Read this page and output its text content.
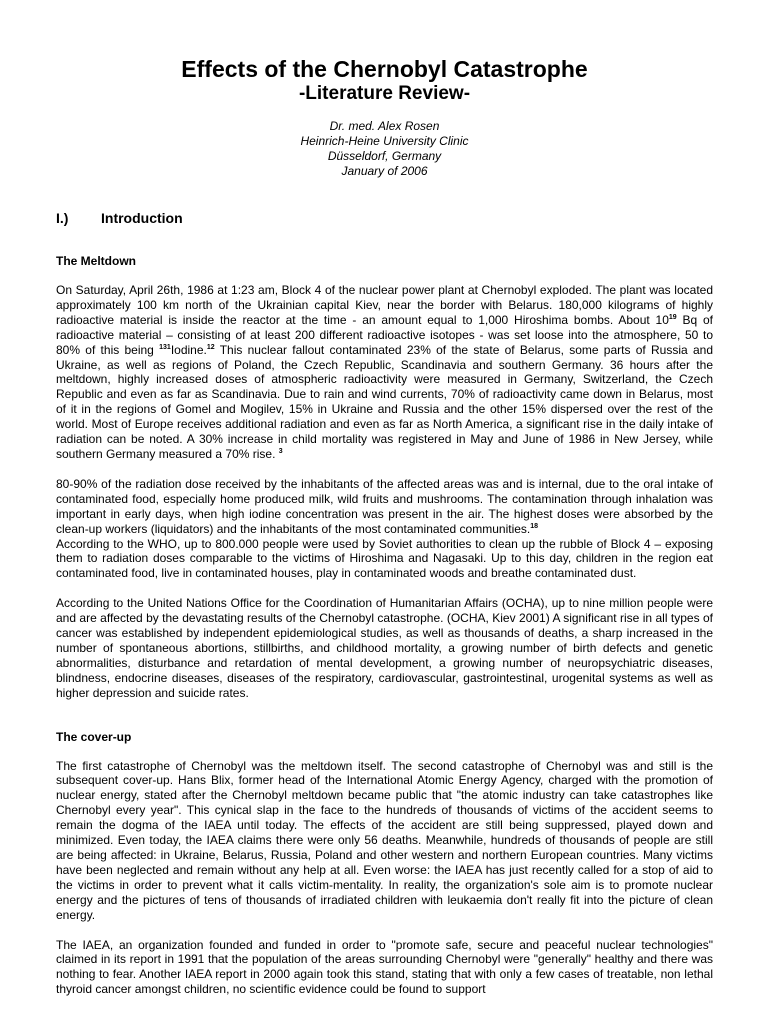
Effects of the Chernobyl Catastrophe
-Literature Review-
Dr. med. Alex Rosen
Heinrich-Heine University Clinic
Düsseldorf, Germany
January of 2006
I.)	Introduction
The Meltdown

On Saturday, April 26th, 1986 at 1:23 am, Block 4 of the nuclear power plant at Chernobyl exploded. The plant was located approximately 100 km north of the Ukrainian capital Kiev, near the border with Belarus. 180,000 kilograms of highly radioactive material is inside the reactor at the time - an amount equal to 1,000 Hiroshima bombs. About $10^{19}$ Bq of radioactive material – consisting of at least 200 different radioactive isotopes - was set loose into the atmosphere, 50 to 80% of this being $^{131}$Iodine.$^{12}$ This nuclear fallout contaminated 23% of the state of Belarus, some parts of Russia and Ukraine, as well as regions of Poland, the Czech Republic, Scandinavia and southern Germany. 36 hours after the meltdown, highly increased doses of atmospheric radioactivity were measured in Germany, Switzerland, the Czech Republic and even as far as Scandinavia. Due to rain and wind currents, 70% of radioactivity came down in Belarus, most of it in the regions of Gomel and Mogilev, 15% in Ukraine and Russia and the other 15% dispersed over the rest of the world. Most of Europe receives additional radiation and even as far as North America, a significant rise in the daily intake of radiation can be noted. A 30% increase in child mortality was registered in May and June of 1986 in New Jersey, while southern Germany measured a 70% rise. $^3$

80-90% of the radiation dose received by the inhabitants of the affected areas was and is internal, due to the oral intake of contaminated food, especially home produced milk, wild fruits and mushrooms. The contamination through inhalation was important in early days, when high iodine concentration was present in the air. The highest doses were absorbed by the clean-up workers (liquidators) and the inhabitants of the most contaminated communities.$^{18}$

According to the WHO, up to 800.000 people were used by Soviet authorities to clean up the rubble of Block 4 – exposing them to radiation doses comparable to the victims of Hiroshima and Nagasaki. Up to this day, children in the region eat contaminated food, live in contaminated houses, play in contaminated woods and breathe contaminated dust.

According to the United Nations Office for the Coordination of Humanitarian Affairs (OCHA), up to nine million people were and are affected by the devastating results of the Chernobyl catastrophe. (OCHA, Kiev 2001) A significant rise in all types of cancer was established by independent epidemiological studies, as well as thousands of deaths, a sharp increased in the number of spontaneous abortions, stillbirths, and childhood mortality, a growing number of birth defects and genetic abnormalities, disturbance and retardation of mental development, a growing number of neuropsychiatric diseases, blindness, endocrine diseases, diseases of the respiratory, cardiovascular, gastrointestinal, urogenital systems as well as higher depression and suicide rates.

The cover-up

The first catastrophe of Chernobyl was the meltdown itself. The second catastrophe of Chernobyl was and still is the subsequent cover-up. Hans Blix, former head of the International Atomic Energy Agency, charged with the promotion of nuclear energy, stated after the Chernobyl meltdown became public that "the atomic industry can take catastrophes like Chernobyl every year". This cynical slap in the face to the hundreds of thousands of victims of the accident seems to remain the dogma of the IAEA until today. The effects of the accident are still being suppressed, played down and minimized. Even today, the IAEA claims there were only 56 deaths. Meanwhile, hundreds of thousands of people are still are being affected: in Ukraine, Belarus, Russia, Poland and other western and northern European countries. Many victims have been neglected and remain without any help at all. Even worse: the IAEA has just recently called for a stop of aid to the victims in order to prevent what it calls victim-mentality. In reality, the organization's sole aim is to promote nuclear energy and the pictures of tens of thousands of irradiated children with leukaemia don't really fit into the picture of clean energy.

The IAEA, an organization founded and funded in order to "promote safe, secure and peaceful nuclear technologies" claimed in its report in 1991 that the population of the areas surrounding Chernobyl were "generally" healthy and there was nothing to fear. Another IAEA report in 2000 again took this stand, stating that with only a few cases of treatable, non lethal thyroid cancer amongst children, no scientific evidence could be found to support
